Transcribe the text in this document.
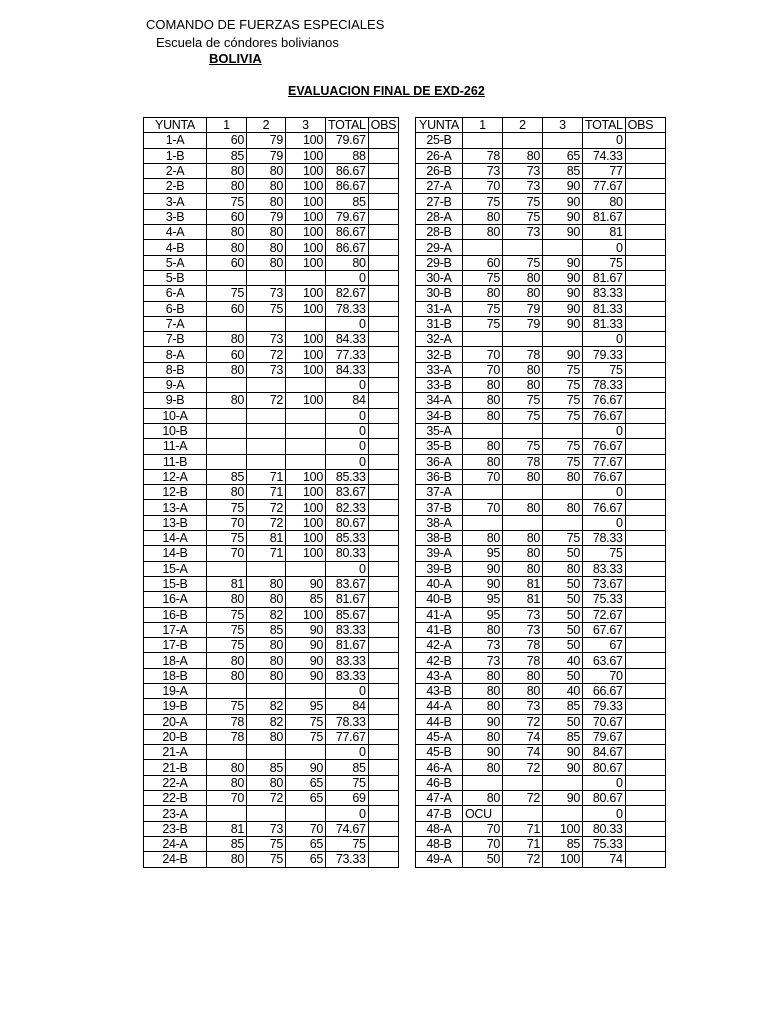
COMANDO DE FUERZAS ESPECIALES
Escuela de cóndores bolivianos
BOLIVIA
EVALUACION FINAL DE EXD-262
YUNTA	1	2	3	TOTAL	OBS
1-A	60	79	100	79.67	
1-B	85	79	100	88	
2-A	80	80	100	86.67	
2-B	80	80	100	86.67	
3-A	75	80	100	85	
3-B	60	79	100	79.67	
4-A	80	80	100	86.67	
4-B	80	80	100	86.67	
5-A	60	80	100	80	
5-B				0	
6-A	75	73	100	82.67	
6-B	60	75	100	78.33	
7-A				0	
7-B	80	73	100	84.33	
8-A	60	72	100	77.33	
8-B	80	73	100	84.33	
9-A				0	
9-B	80	72	100	84	
10-A				0	
10-B				0	
11-A				0	
11-B				0	
12-A	85	71	100	85.33	
12-B	80	71	100	83.67	
13-A	75	72	100	82.33	
13-B	70	72	100	80.67	
14-A	75	81	100	85.33	
14-B	70	71	100	80.33	
15-A				0	
15-B	81	80	90	83.67	
16-A	80	80	85	81.67	
16-B	75	82	100	85.67	
17-A	75	85	90	83.33	
17-B	75	80	90	81.67	
18-A	80	80	90	83.33	
18-B	80	80	90	83.33	
19-A				0	
19-B	75	82	95	84	
20-A	78	82	75	78.33	
20-B	78	80	75	77.67	
21-A				0	
21-B	80	85	90	85	
22-A	80	80	65	75	
22-B	70	72	65	69	
23-A				0	
23-B	81	73	70	74.67	
24-A	85	75	65	75	
24-B	80	75	65	73.33	
YUNTA	1	2	3	TOTAL	OBS
25-B				0	
26-A	78	80	65	74.33	
26-B	73	73	85	77	
27-A	70	73	90	77.67	
27-B	75	75	90	80	
28-A	80	75	90	81.67	
28-B	80	73	90	81	
29-A				0	
29-B	60	75	90	75	
30-A	75	80	90	81.67	
30-B	80	80	90	83.33	
31-A	75	79	90	81.33	
31-B	75	79	90	81.33	
32-A				0	
32-B	70	78	90	79.33	
33-A	70	80	75	75	
33-B	80	80	75	78.33	
34-A	80	75	75	76.67	
34-B	80	75	75	76.67	
35-A				0	
35-B	80	75	75	76.67	
36-A	80	78	75	77.67	
36-B	70	80	80	76.67	
37-A				0	
37-B	70	80	80	76.67	
38-A				0	
38-B	80	80	75	78.33	
39-A	95	80	50	75	
39-B	90	80	80	83.33	
40-A	90	81	50	73.67	
40-B	95	81	50	75.33	
41-A	95	73	50	72.67	
41-B	80	73	50	67.67	
42-A	73	78	50	67	
42-B	73	78	40	63.67	
43-A	80	80	50	70	
43-B	80	80	40	66.67	
44-A	80	73	85	79.33	
44-B	90	72	50	70.67	
45-A	80	74	85	79.67	
45-B	90	74	90	84.67	
46-A	80	72	90	80.67	
46-B				0	
47-A	80	72	90	80.67	
47-B	OCU			0	
48-A	70	71	100	80.33	
48-B	70	71	85	75.33	
49-A	50	72	100	74	
